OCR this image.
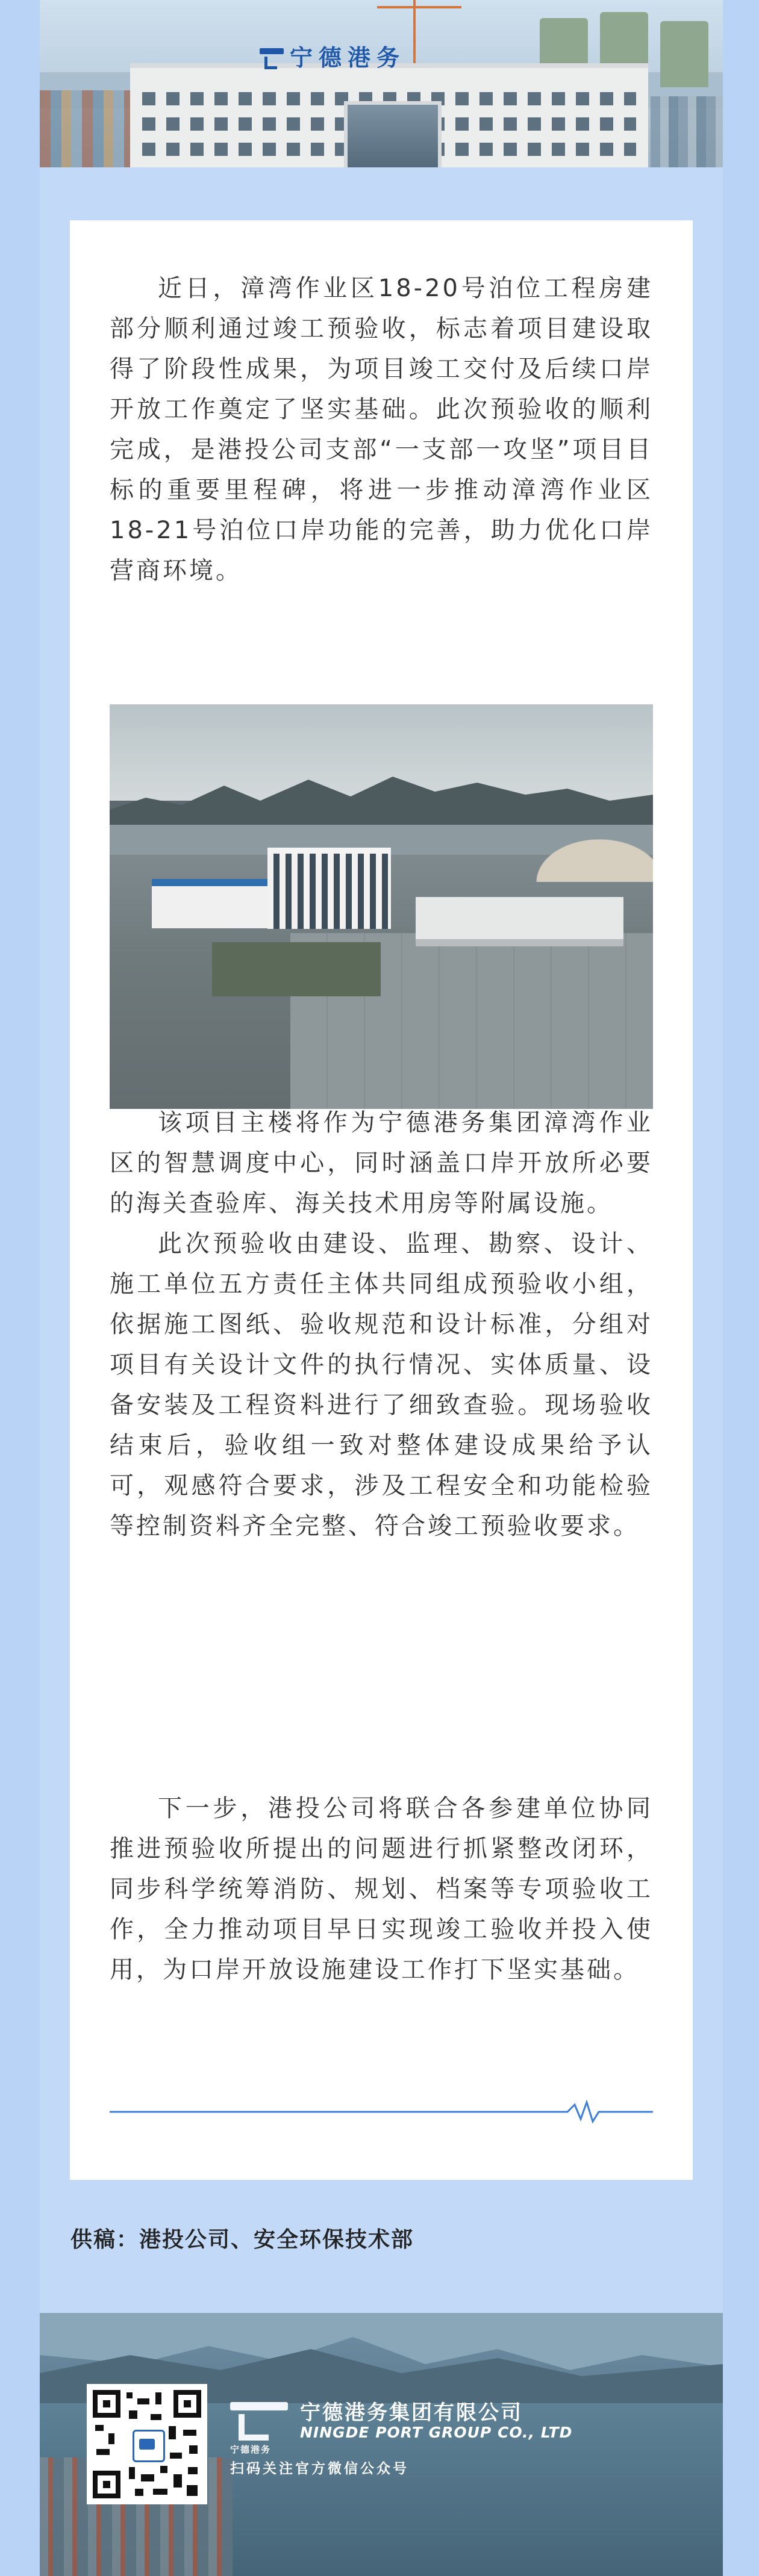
宁德港务

近日，漳湾作业区18-20号泊位工程房建部分顺利通过竣工预验收，标志着项目建设取得了阶段性成果，为项目竣工交付及后续口岸开放工作奠定了坚实基础。此次预验收的顺利完成，是港投公司支部“一支部一攻坚”项目目标的重要里程碑，将进一步推动漳湾作业区18-21号泊位口岸功能的完善，助力优化口岸营商环境。

该项目主楼将作为宁德港务集团漳湾作业区的智慧调度中心，同时涵盖口岸开放所必要的海关查验库、海关技术用房等附属设施。

此次预验收由建设、监理、勘察、设计、施工单位五方责任主体共同组成预验收小组，依据施工图纸、验收规范和设计标准，分组对项目有关设计文件的执行情况、实体质量、设备安装及工程资料进行了细致查验。现场验收结束后，验收组一致对整体建设成果给予认可，观感符合要求，涉及工程安全和功能检验等控制资料齐全完整、符合竣工预验收要求。

下一步，港投公司将联合各参建单位协同推进预验收所提出的问题进行抓紧整改闭环，同步科学统筹消防、规划、档案等专项验收工作，全力推动项目早日实现竣工验收并投入使用，为口岸开放设施建设工作打下坚实基础。

供稿：港投公司、安全环保技术部
宁德港务
宁德港务集团有限公司
NINGDE PORT GROUP CO., LTD
扫码关注官方微信公众号
